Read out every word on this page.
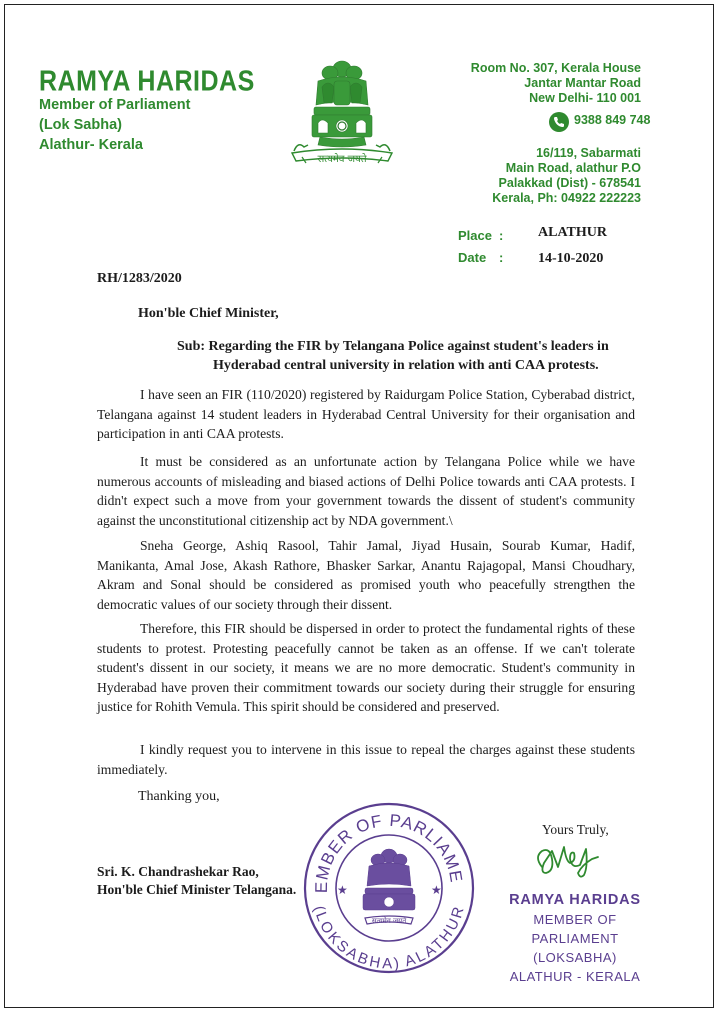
RAMYA HARIDAS
Member of Parliament
(Lok Sabha)
Alathur- Kerala
सत्यमेव जयते
Room No. 307, Kerala House
Jantar Mantar Road
New Delhi- 110 001
9388 849 748
16/119, Sabarmati
Main Road, alathur P.O
Palakkad (Dist) - 678541
Kerala, Ph: 04922 222223
Place : ALATHUR
Date : 14-10-2020
RH/1283/2020
Hon'ble Chief Minister,
Sub: Regarding the FIR by Telangana Police against student's leaders in
Hyderabad central university in relation with anti CAA protests.

I have seen an FIR (110/2020) registered by Raidurgam Police Station, Cyberabad district, Telangana against 14 student leaders in Hyderabad Central University for their organisation and participation in anti CAA protests.

It must be considered as an unfortunate action by Telangana Police while we have numerous accounts of misleading and biased actions of Delhi Police towards anti CAA protests. I didn't expect such a move from your government towards the dissent of student's community against the unconstitutional citizenship act by NDA government.\

Sneha George, Ashiq Rasool, Tahir Jamal, Jiyad Husain, Sourab Kumar, Hadif, Manikanta, Amal Jose, Akash Rathore, Bhasker Sarkar, Anantu Rajagopal, Mansi Choudhary, Akram and Sonal should be considered as promised youth who peacefully strengthen the democratic values of our society through their dissent.

Therefore, this FIR should be dispersed in order to protect the fundamental rights of these students to protest. Protesting peacefully cannot be taken as an offense. If we can't tolerate student's dissent in our society, it means we are no more democratic. Student's community in Hyderabad have proven their commitment towards our society during their struggle for ensuring justice for Rohith Vemula. This spirit should be considered and preserved.

I kindly request you to intervene in this issue to repeal the charges against these students immediately.

Thanking you,
Yours Truly,
Sri. K. Chandrashekar Rao,
Hon'ble Chief Minister Telangana. EMBER OF PARLIAME
(LOKSABHA) ALATHUR
सत्यमेव जयते
★	★
RAMYA HARIDAS
MEMBER OF PARLIAMENT
(LOKSABHA)
ALATHUR - KERALA
